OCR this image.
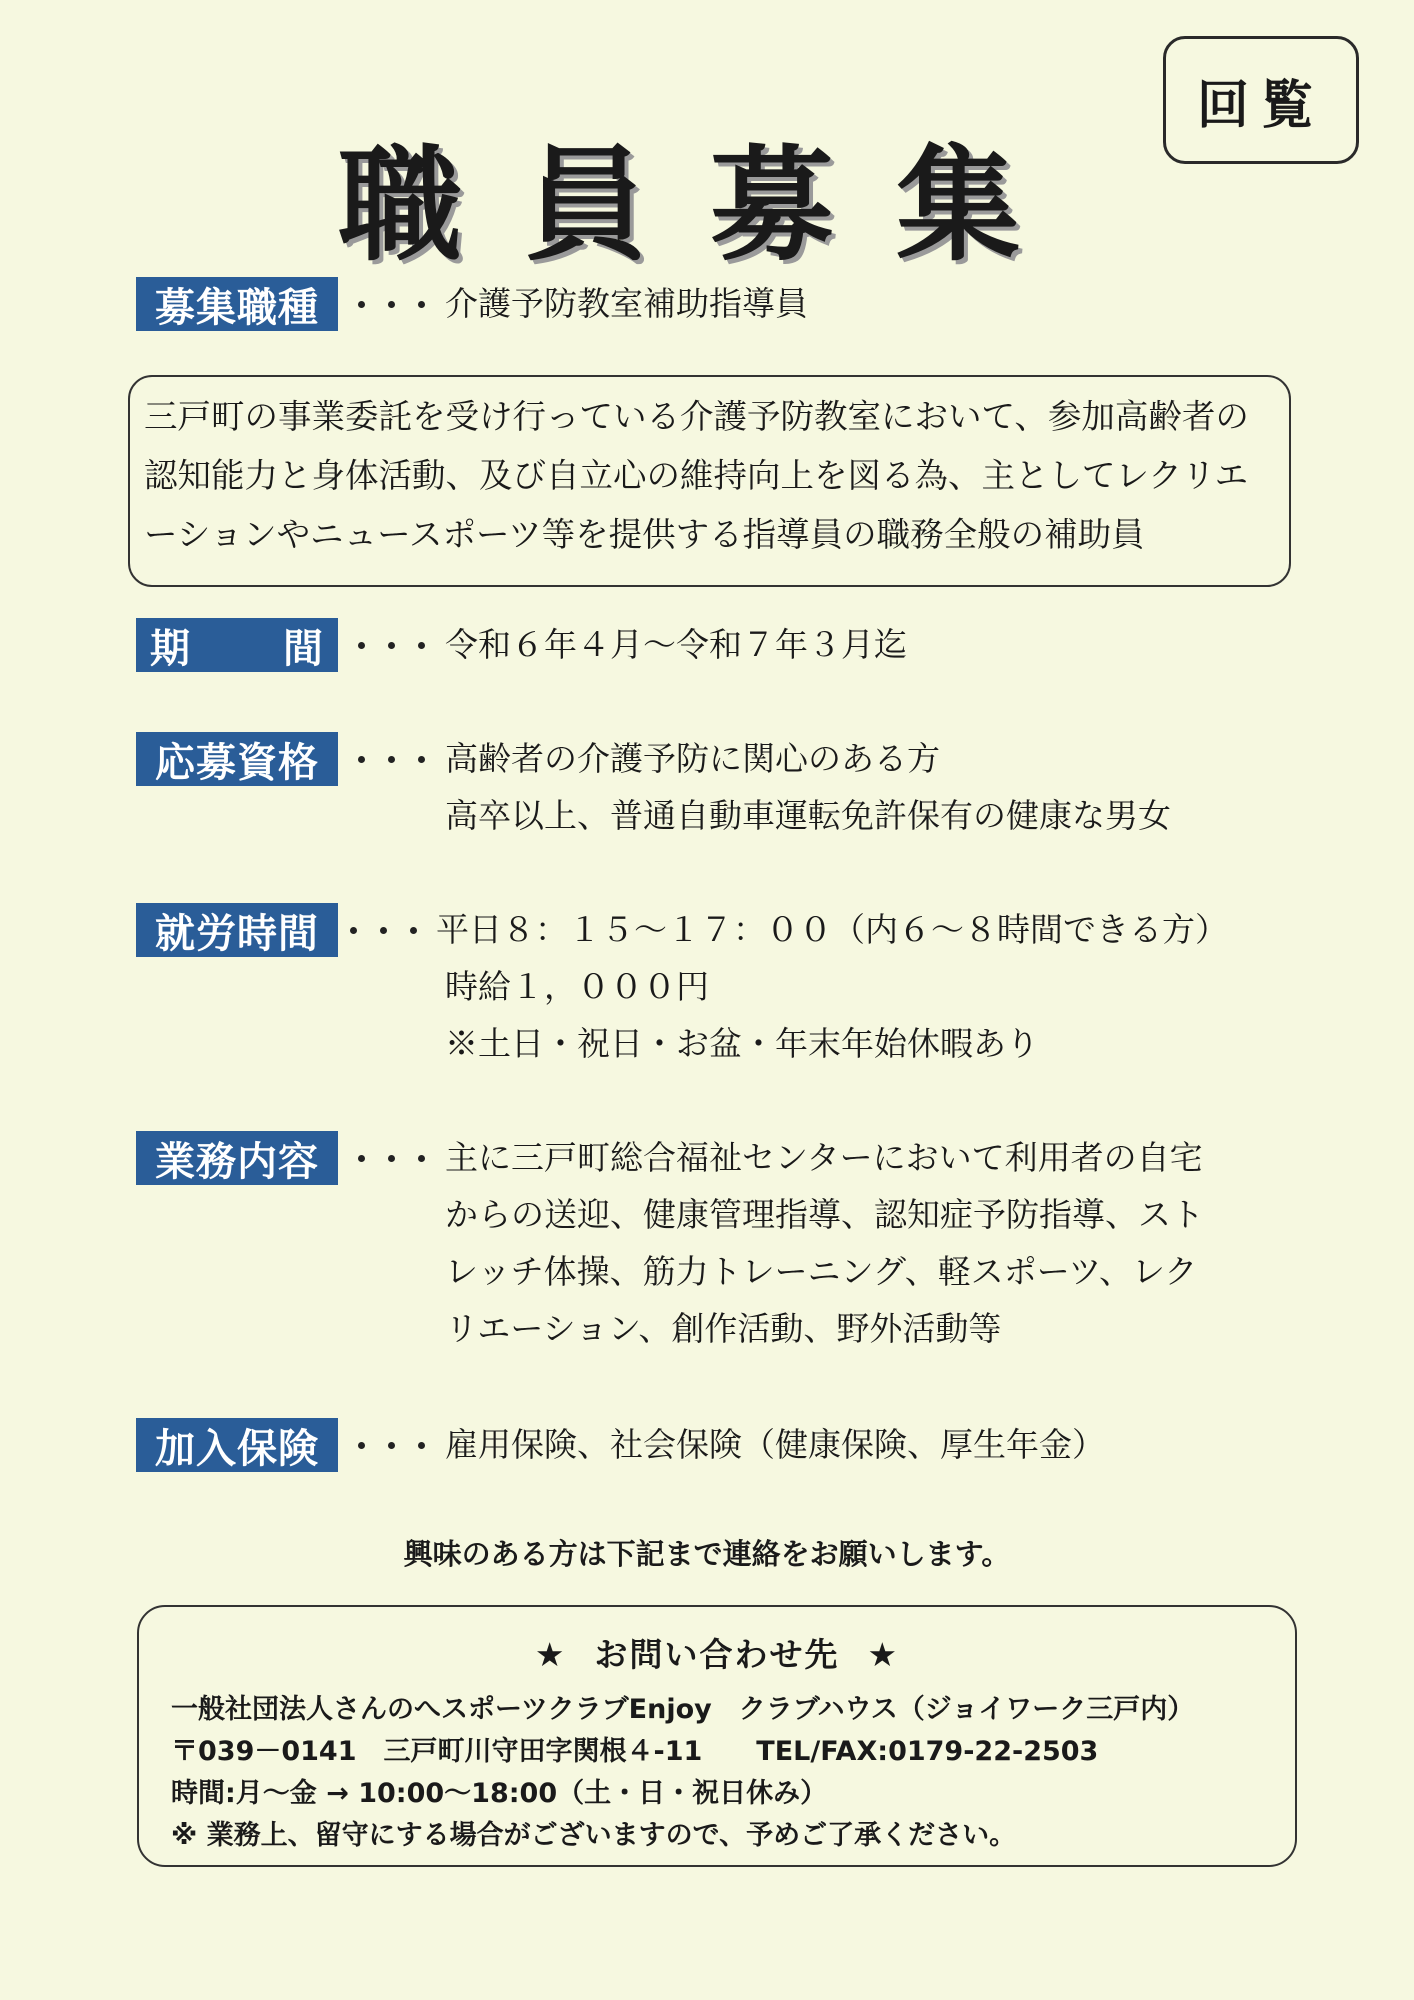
回覧
職員募集
募集職種	介護予防教室補助指導員
三戸町の事業委託を受け行っている介護予防教室において、参加高齢者の
認知能力と身体活動、及び自立心の維持向上を図る為、主としてレクリエ
ーションやニュースポーツ等を提供する指導員の職務全般の補助員
期 間	令和６年４月～令和７年３月迄
応募資格	高齢者の介護予防に関心のある方
高卒以上、普通自動車運転免許保有の健康な男女
就労時間	平日８：１５～１７：００（内６～８時間できる方）
時給１，０００円
※土日・祝日・お盆・年末年始休暇あり
業務内容	主に三戸町総合福祉センターにおいて利用者の自宅
からの送迎、健康管理指導、認知症予防指導、スト
レッチ体操、筋力トレーニング、軽スポーツ、レク
リエーション、創作活動、野外活動等
加入保険	雇用保険、社会保険（健康保険、厚生年金）
興味のある方は下記まで連絡をお願いします。
★ お問い合わせ先 ★
一般社団法人さんのへスポーツクラブEnjoy　クラブハウス（ジョイワーク三戸内）
〒039－0141　三戸町川守田字関根４-11　　TEL/FAX:0179-22-2503
時間:月～金 → 10:00～18:00（土・日・祝日休み）
※ 業務上、留守にする場合がございますので、予めご了承ください。
